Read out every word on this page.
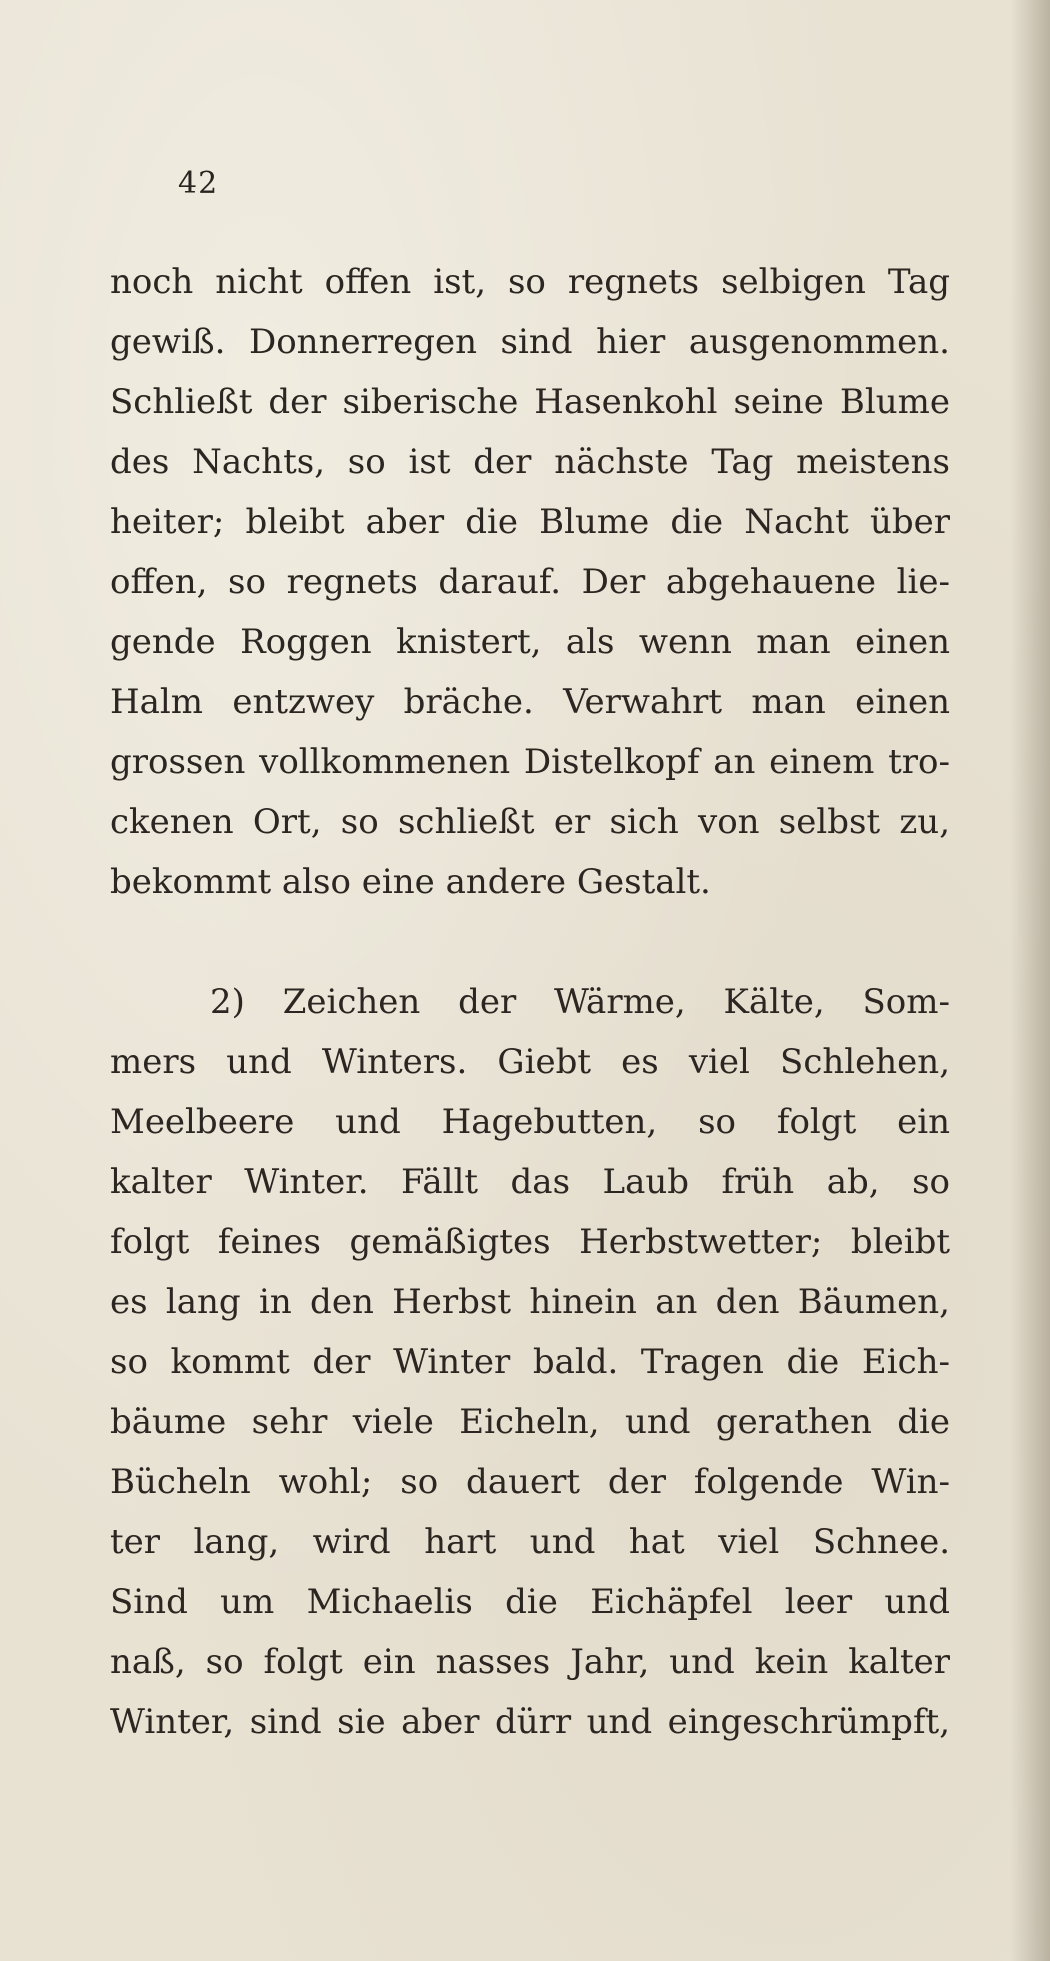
42
noch nicht offen ist, so regnets selbigen Tag
gewiß. Donnerregen sind hier ausgenommen.
Schließt der siberische Hasenkohl seine Blume
des Nachts, so ist der nächste Tag meistens
heiter; bleibt aber die Blume die Nacht über
offen, so regnets darauf. Der abgehauene lie-
gende Roggen knistert, als wenn man einen
Halm entzwey bräche. Verwahrt man einen
grossen vollkommenen Distelkopf an einem tro-
ckenen Ort, so schließt er sich von selbst zu,
bekommt also eine andere Gestalt.
2) Zeichen der Wärme, Kälte, Som-
mers und Winters. Giebt es viel Schlehen,
Meelbeere und Hagebutten, so folgt ein
kalter Winter. Fällt das Laub früh ab, so
folgt feines gemäßigtes Herbstwetter; bleibt
es lang in den Herbst hinein an den Bäumen,
so kommt der Winter bald. Tragen die Eich-
bäume sehr viele Eicheln, und gerathen die
Bücheln wohl; so dauert der folgende Win-
ter lang, wird hart und hat viel Schnee.
Sind um Michaelis die Eichäpfel leer und
naß, so folgt ein nasses Jahr, und kein kalter
Winter, sind sie aber dürr und eingeschrümpft,
